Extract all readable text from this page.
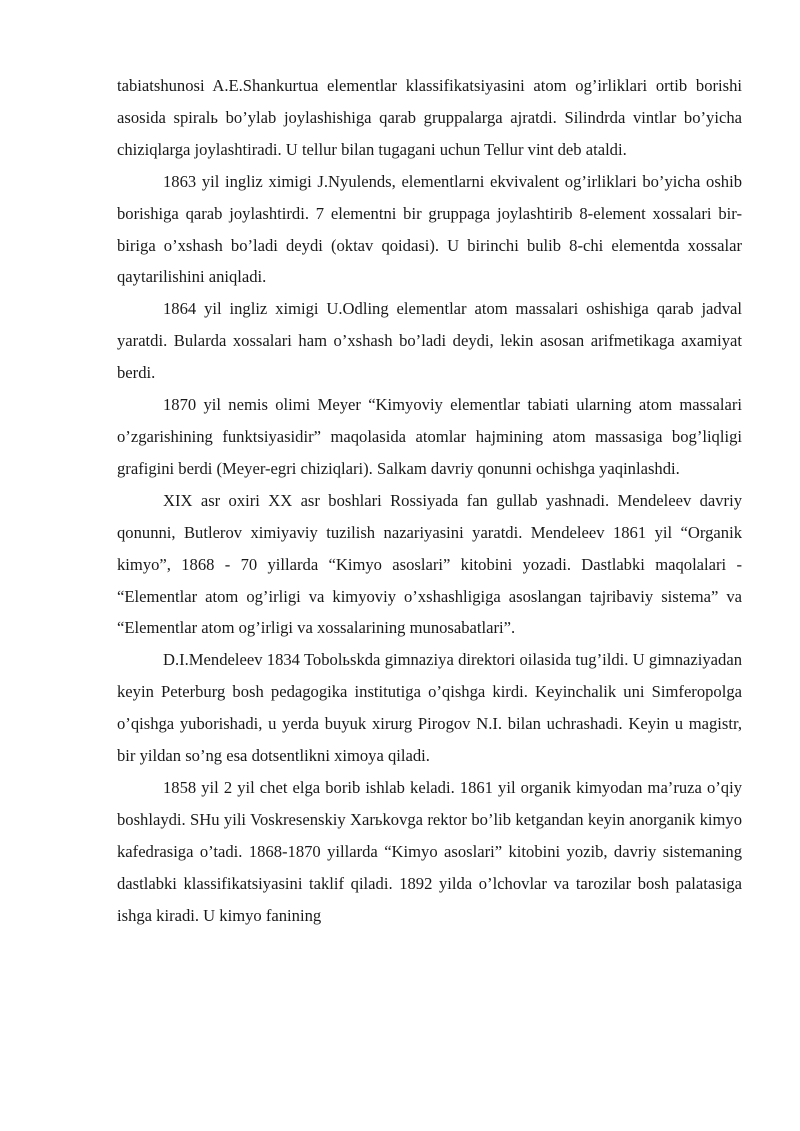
tabiatshunosi A.E.Shankurtua elementlar klassifikatsiyasini atom og’irliklari ortib borishi asosida spiralь bo’ylab joylashishiga qarab gruppalarga ajratdi. Silindrda vintlar bo’yicha chiziqlarga joylashtiradi. U tellur bilan tugagani uchun Tellur vint deb ataldi.

1863 yil ingliz ximigi J.Nyulends, elementlarni ekvivalent og’irliklari bo’yicha oshib borishiga qarab joylashtirdi. 7 elementni bir gruppaga joylashtirib 8-element xossalari bir-biriga o’xshash bo’ladi deydi (oktav qoidasi). U birinchi bulib 8-chi elementda xossalar qaytarilishini aniqladi.

1864 yil ingliz ximigi U.Odling elementlar atom massalari oshishiga qarab jadval yaratdi. Bularda xossalari ham o’xshash bo’ladi deydi, lekin asosan arifmetikaga axamiyat berdi.

1870 yil nemis olimi Meyer “Kimyoviy elementlar tabiati ularning atom massalari o’zgarishining funktsiyasidir” maqolasida atomlar hajmining atom massasiga bog’liqligi grafigini berdi (Meyer-egri chiziqlari). Salkam davriy qonunni ochishga yaqinlashdi.

XIX asr oxiri XX asr boshlari Rossiyada fan gullab yashnadi. Mendeleev davriy qonunni, Butlerov ximiyaviy tuzilish nazariyasini yaratdi. Mendeleev 1861 yil “Organik kimyo”, 1868 - 70 yillarda “Kimyo asoslari” kitobini yozadi. Dastlabki maqolalari - “Elementlar atom og’irligi va kimyoviy o’xshashligiga asoslangan tajribaviy sistema” va “Elementlar atom og’irligi va xossalarining munosabatlari”.

D.I.Mendeleev 1834 Tobolьskda gimnaziya direktori oilasida tug’ildi. U gimnaziyadan keyin Peterburg bosh pedagogika institutiga o’qishga kirdi. Keyinchalik uni Simferopolga o’qishga yuborishadi, u yerda buyuk xirurg Pirogov N.I. bilan uchrashadi. Keyin u magistr, bir yildan so’ng esa dotsentlikni ximoya qiladi.

1858 yil 2 yil chet elga borib ishlab keladi. 1861 yil organik kimyodan ma’ruza o’qiy boshlaydi. SHu yili Voskresenskiy Xarьkovga rektor bo’lib ketgandan keyin anorganik kimyo kafedrasiga o’tadi. 1868-1870 yillarda “Kimyo asoslari” kitobini yozib, davriy sistemaning dastlabki klassifikatsiyasini taklif qiladi. 1892 yilda o’lchovlar va tarozilar bosh palatasiga ishga kiradi. U kimyo fanining
